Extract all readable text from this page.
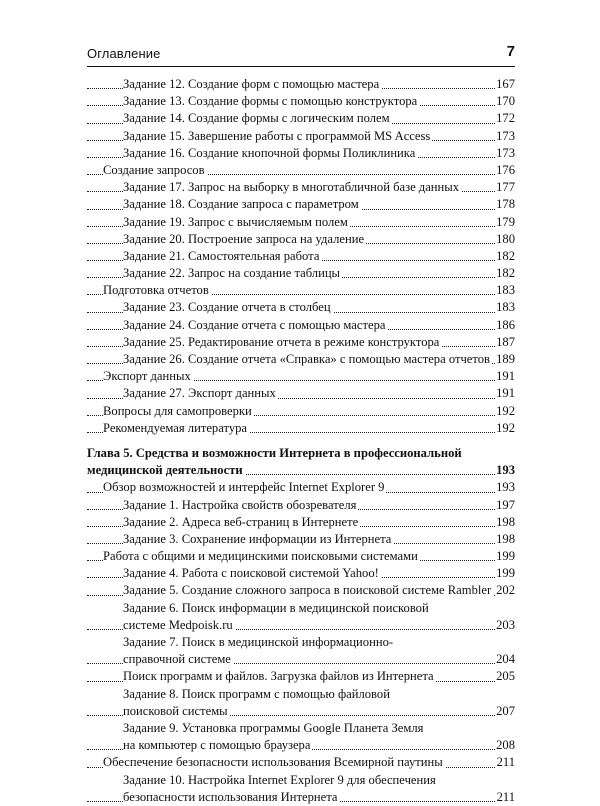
Оглавление	7
Задание 12. Создание форм с помощью мастера	167
Задание 13. Создание формы с помощью конструктора	170
Задание 14. Создание формы с логическим полем	172
Задание 15. Завершение работы с программой MS Access	173
Задание 16. Создание кнопочной формы Поликлиника	173
Создание запросов	176
Задание 17. Запрос на выборку в многотабличной базе данных	177
Задание 18. Создание запроса с параметром	178
Задание 19. Запрос с вычисляемым полем	179
Задание 20. Построение запроса на удаление	180
Задание 21. Самостоятельная работа	182
Задание 22. Запрос на создание таблицы	182
Подготовка отчетов	183
Задание 23. Создание отчета в столбец	183
Задание 24. Создание отчета с помощью мастера	186
Задание 25. Редактирование отчета в режиме конструктора	187
Задание 26. Создание отчета «Справка» с помощью мастера отчетов 189
Экспорт данных	191
Задание 27. Экспорт данных	191
Вопросы для самопроверки	192
Рекомендуемая литература	192
Глава 5. Средства и возможности Интернета в профессиональной
медицинской деятельности	193
Обзор возможностей и интерфейс Internet Explorer 9	193
Задание 1. Настройка свойств обозревателя	197
Задание 2. Адреса веб-страниц в Интернете	198
Задание 3. Сохранение информации из Интернета	198
Работа с общими и медицинскими поисковыми системами	199
Задание 4. Работа с поисковой системой Yahoo!	199
Задание 5. Создание сложного запроса в поисковой системе Rambler 202
Задание 6. Поиск информации в медицинской поисковой
системе Medpoisk.ru	203
Задание 7. Поиск в медицинской информационно-
справочной системе	204
Поиск программ и файлов. Загрузка файлов из Интернета	205
Задание 8. Поиск программ с помощью файловой
поисковой системы	207
Задание 9. Установка программы Google Планета Земля
на компьютер с помощью браузера	208
Обеспечение безопасности использования Всемирной паутины	211
Задание 10. Настройка Internet Explorer 9 для обеспечения
безопасности использования Интернета	211
